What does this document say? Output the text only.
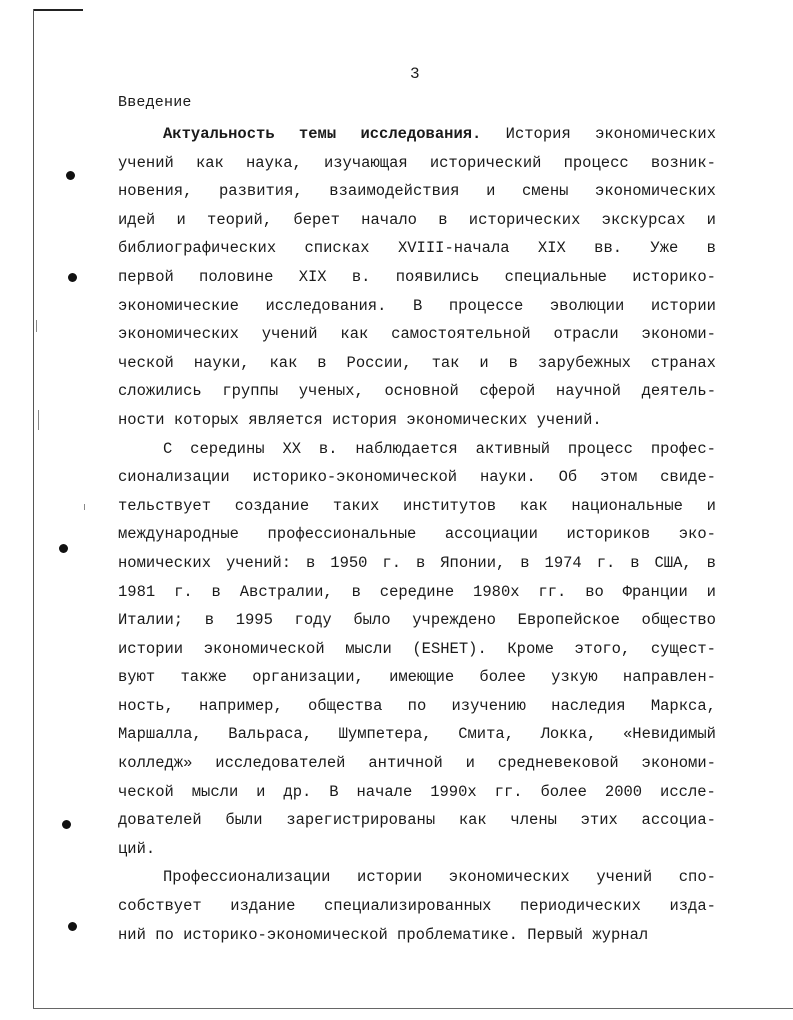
3
Введение
Актуальность темы исследования. История экономических
учений как наука, изучающая исторический процесс возник-
новения, развития, взаимодействия и смены экономических
идей и теорий, берет начало в исторических экскурсах и
библиографических списках XVIII-начала XIX вв. Уже в
первой половине XIX в. появились специальные историко-
экономические исследования. В процессе эволюции истории
экономических учений как самостоятельной отрасли экономи-
ческой науки, как в России, так и в зарубежных странах
сложились группы ученых, основной сферой научной деятель-
ности которых является история экономических учений.
С середины XX в. наблюдается активный процесс профес-
сионализации историко-экономической науки. Об этом свиде-
тельствует создание таких институтов как национальные и
международные профессиональные ассоциации историков эко-
номических учений: в 1950 г. в Японии, в 1974 г. в США, в
1981 г. в Австралии, в середине 1980х гг. во Франции и
Италии; в 1995 году было учреждено Европейское общество
истории экономической мысли (ESHET). Кроме этого, сущест-
вуют также организации, имеющие более узкую направлен-
ность, например, общества по изучению наследия Маркса,
Маршалла, Вальраса, Шумпетера, Смита, Локка, «Невидимый
колледж» исследователей античной и средневековой экономи-
ческой мысли и др. В начале 1990х гг. более 2000 иссле-
дователей были зарегистрированы как члены этих ассоциа-
ций.
Профессионализации истории экономических учений спо-
собствует издание специализированных периодических изда-
ний по историко-экономической проблематике. Первый журнал
